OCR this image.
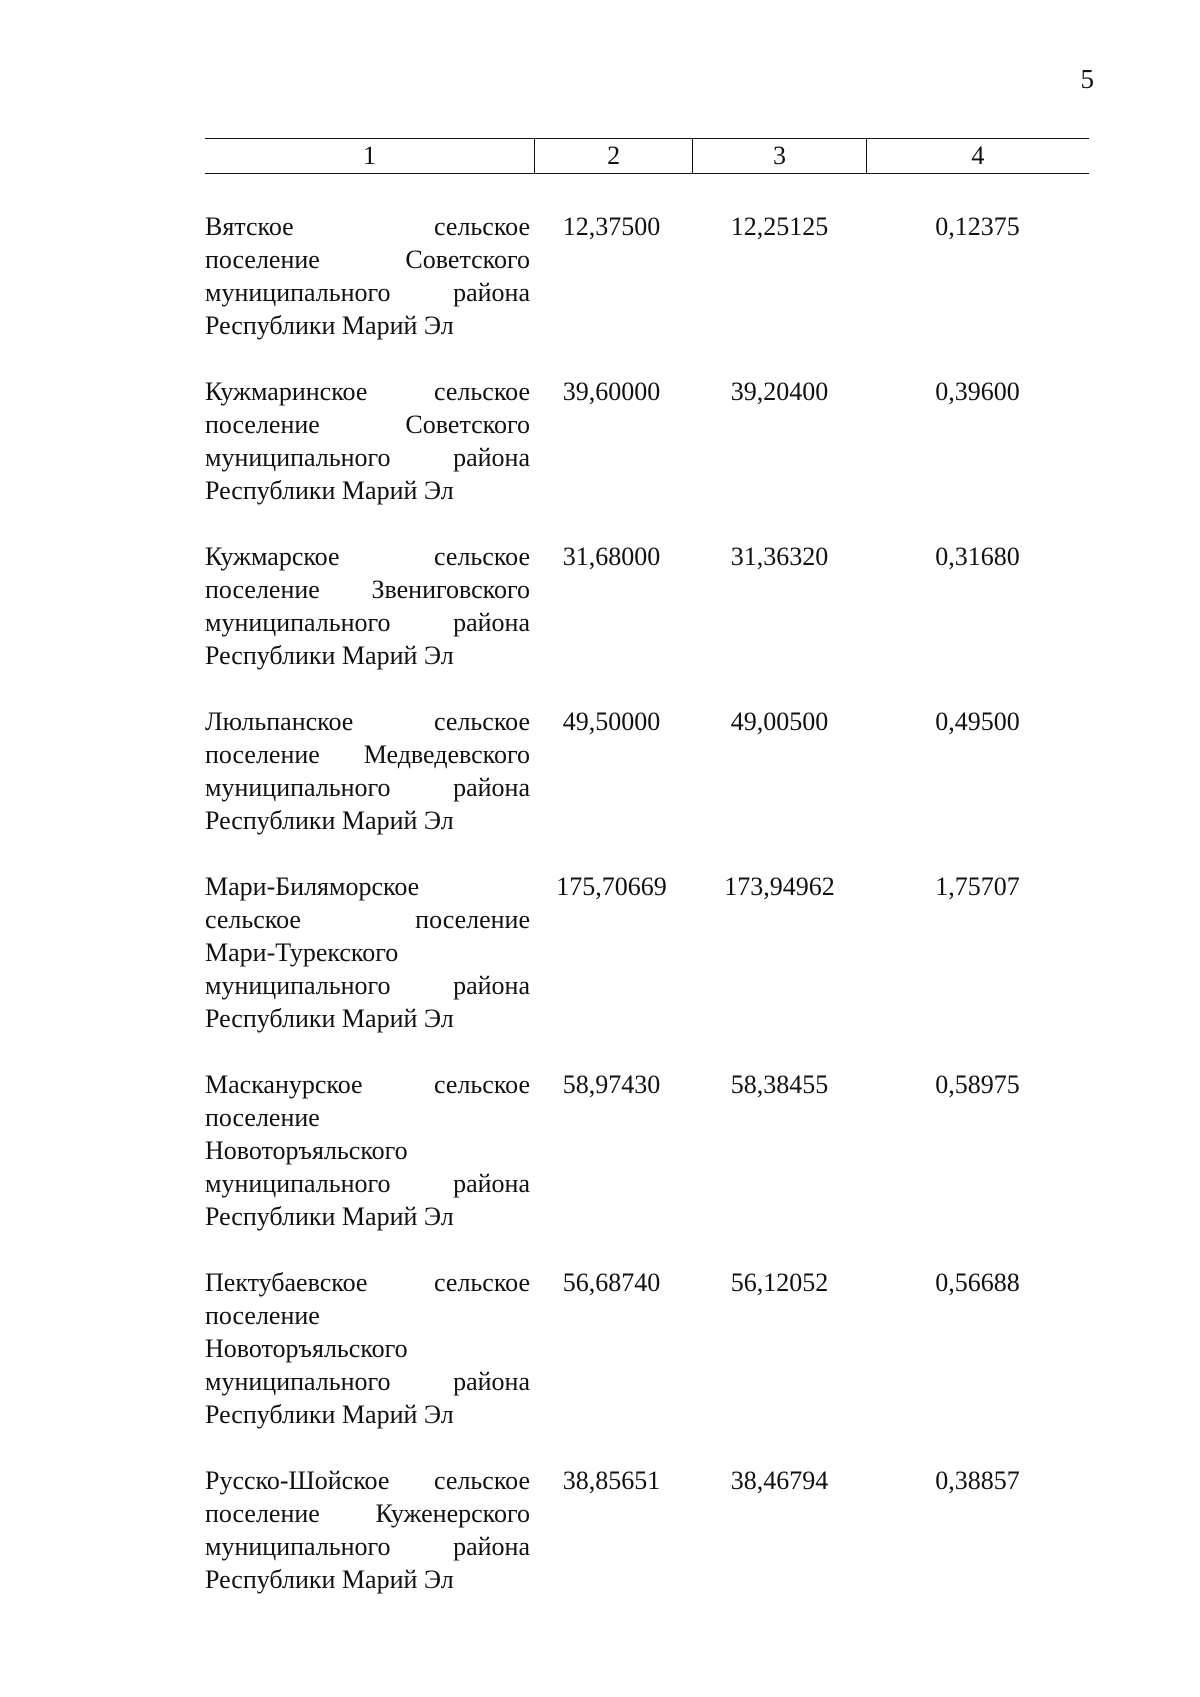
5
1	2	3	4
Вятское сельское
поселение Советского
муниципального района
Республики Марий Эл
12,37500	12,25125	0,12375
Кужмаринское сельское
поселение Советского
муниципального района
Республики Марий Эл
39,60000	39,20400	0,39600
Кужмарское сельское
поселение Звениговского
муниципального района
Республики Марий Эл
31,68000	31,36320	0,31680
Люльпанское сельское
поселение Медведевского
муниципального района
Республики Марий Эл
49,50000	49,00500	0,49500
Мари-Биляморское
сельское поселение
Мари-Турекского
муниципального района
Республики Марий Эл
175,70669	173,94962	1,75707
Масканурское сельское
поселение
Новоторъяльского
муниципального района
Республики Марий Эл
58,97430	58,38455	0,58975
Пектубаевское сельское
поселение
Новоторъяльского
муниципального района
Республики Марий Эл
56,68740	56,12052	0,56688
Русско-Шойское сельское
поселение Куженерского
муниципального района
Республики Марий Эл
38,85651	38,46794	0,38857
